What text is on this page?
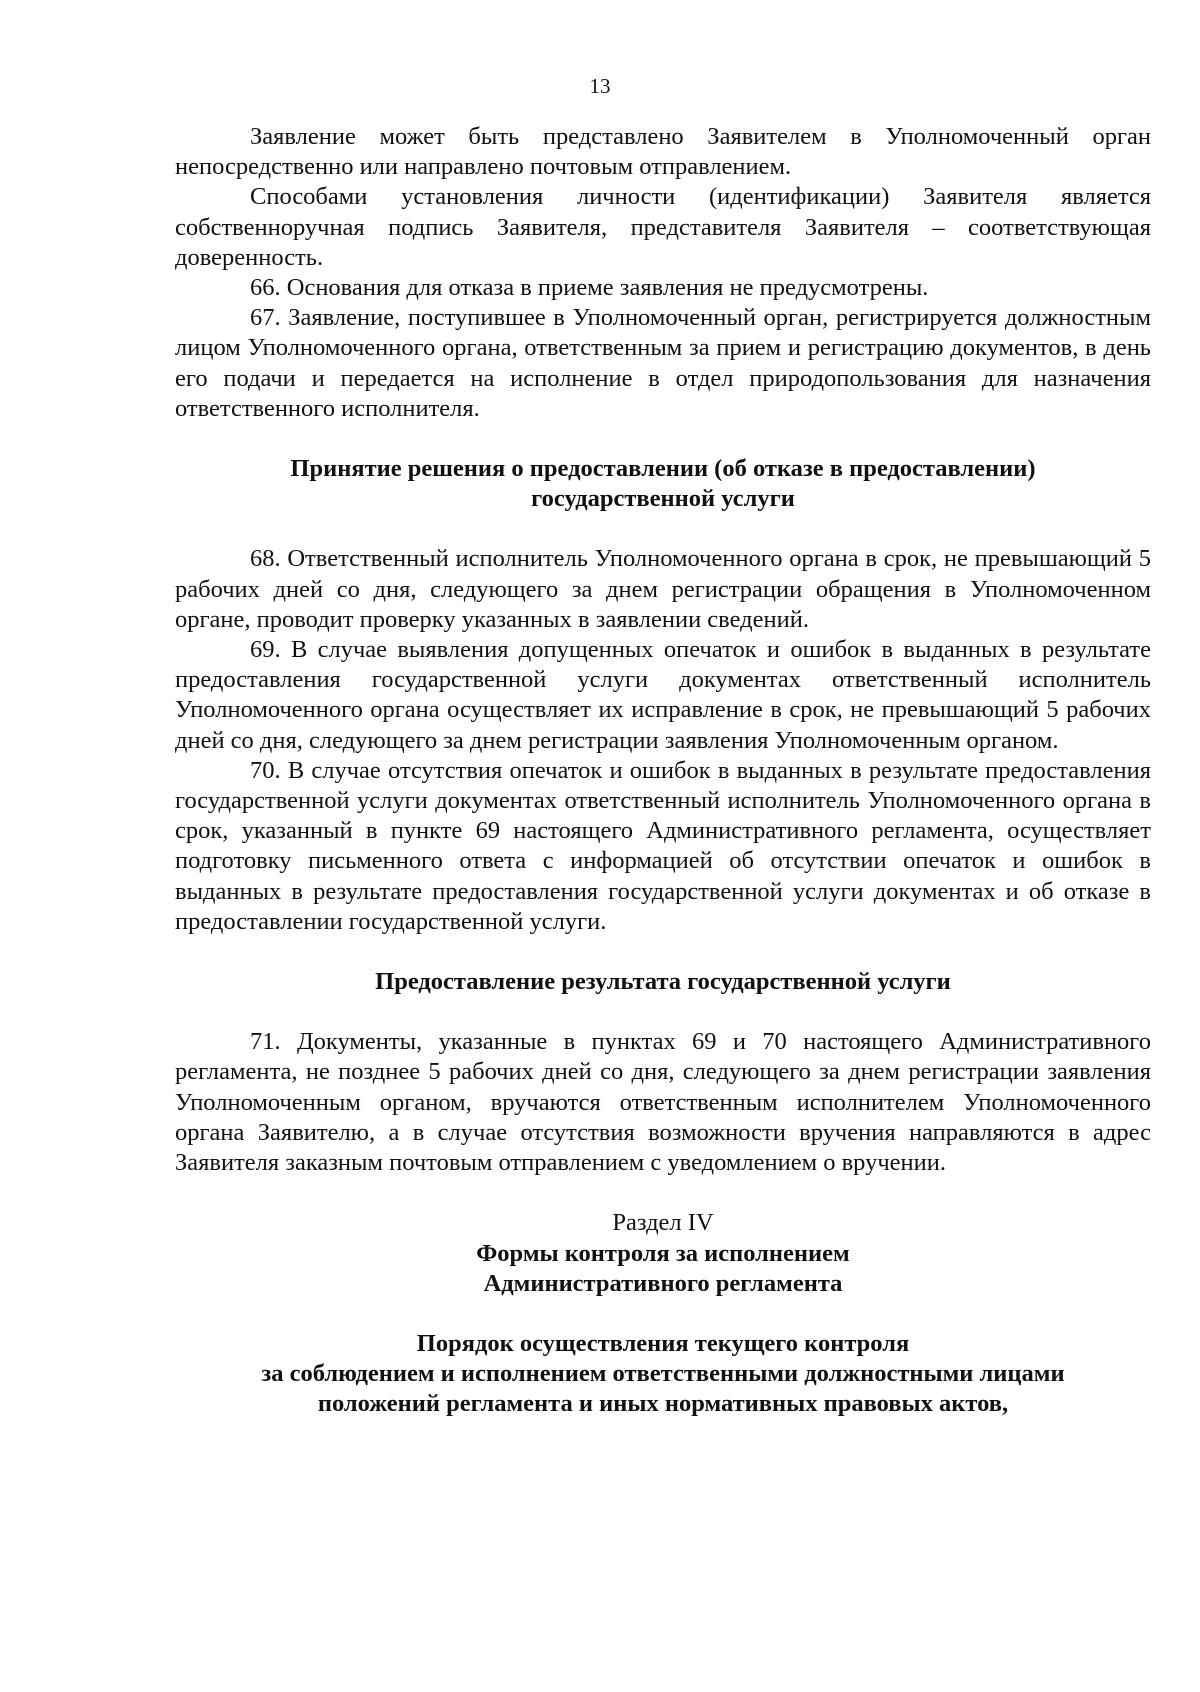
13

Заявление может быть представлено Заявителем в Уполномоченный орган непосредственно или направлено почтовым отправлением.

Способами установления личности (идентификации) Заявителя является собственноручная подпись Заявителя, представителя Заявителя – соответствующая доверенность.

66. Основания для отказа в приеме заявления не предусмотрены.

67. Заявление, поступившее в Уполномоченный орган, регистрируется должностным лицом Уполномоченного органа, ответственным за прием и регистрацию документов, в день его подачи и передается на исполнение в отдел природопользования для назначения ответственного исполнителя.

Принятие решения о предоставлении (об отказе в предоставлении)

государственной услуги

68. Ответственный исполнитель Уполномоченного органа в срок, не превышающий 5 рабочих дней со дня, следующего за днем регистрации обращения в Уполномоченном органе, проводит проверку указанных в заявлении сведений.

69. В случае выявления допущенных опечаток и ошибок в выданных в результате предоставления государственной услуги документах ответственный исполнитель Уполномоченного органа осуществляет их исправление в срок, не превышающий 5 рабочих дней со дня, следующего за днем регистрации заявления Уполномоченным органом.

70. В случае отсутствия опечаток и ошибок в выданных в результате предоставления государственной услуги документах ответственный исполнитель Уполномоченного органа в срок, указанный в пункте 69 настоящего Административного регламента, осуществляет подготовку письменного ответа с информацией об отсутствии опечаток и ошибок в выданных в результате предоставления государственной услуги документах и об отказе в предоставлении государственной услуги.

Предоставление результата государственной услуги

71. Документы, указанные в пунктах 69 и 70 настоящего Административного регламента, не позднее 5 рабочих дней со дня, следующего за днем регистрации заявления Уполномоченным органом, вручаются ответственным исполнителем Уполномоченного органа Заявителю, а в случае отсутствия возможности вручения направляются в адрес Заявителя заказным почтовым отправлением с уведомлением о вручении.

Раздел IV

Формы контроля за исполнением

Административного регламента

Порядок осуществления текущего контроля

за соблюдением и исполнением ответственными должностными лицами

положений регламента и иных нормативных правовых актов,
